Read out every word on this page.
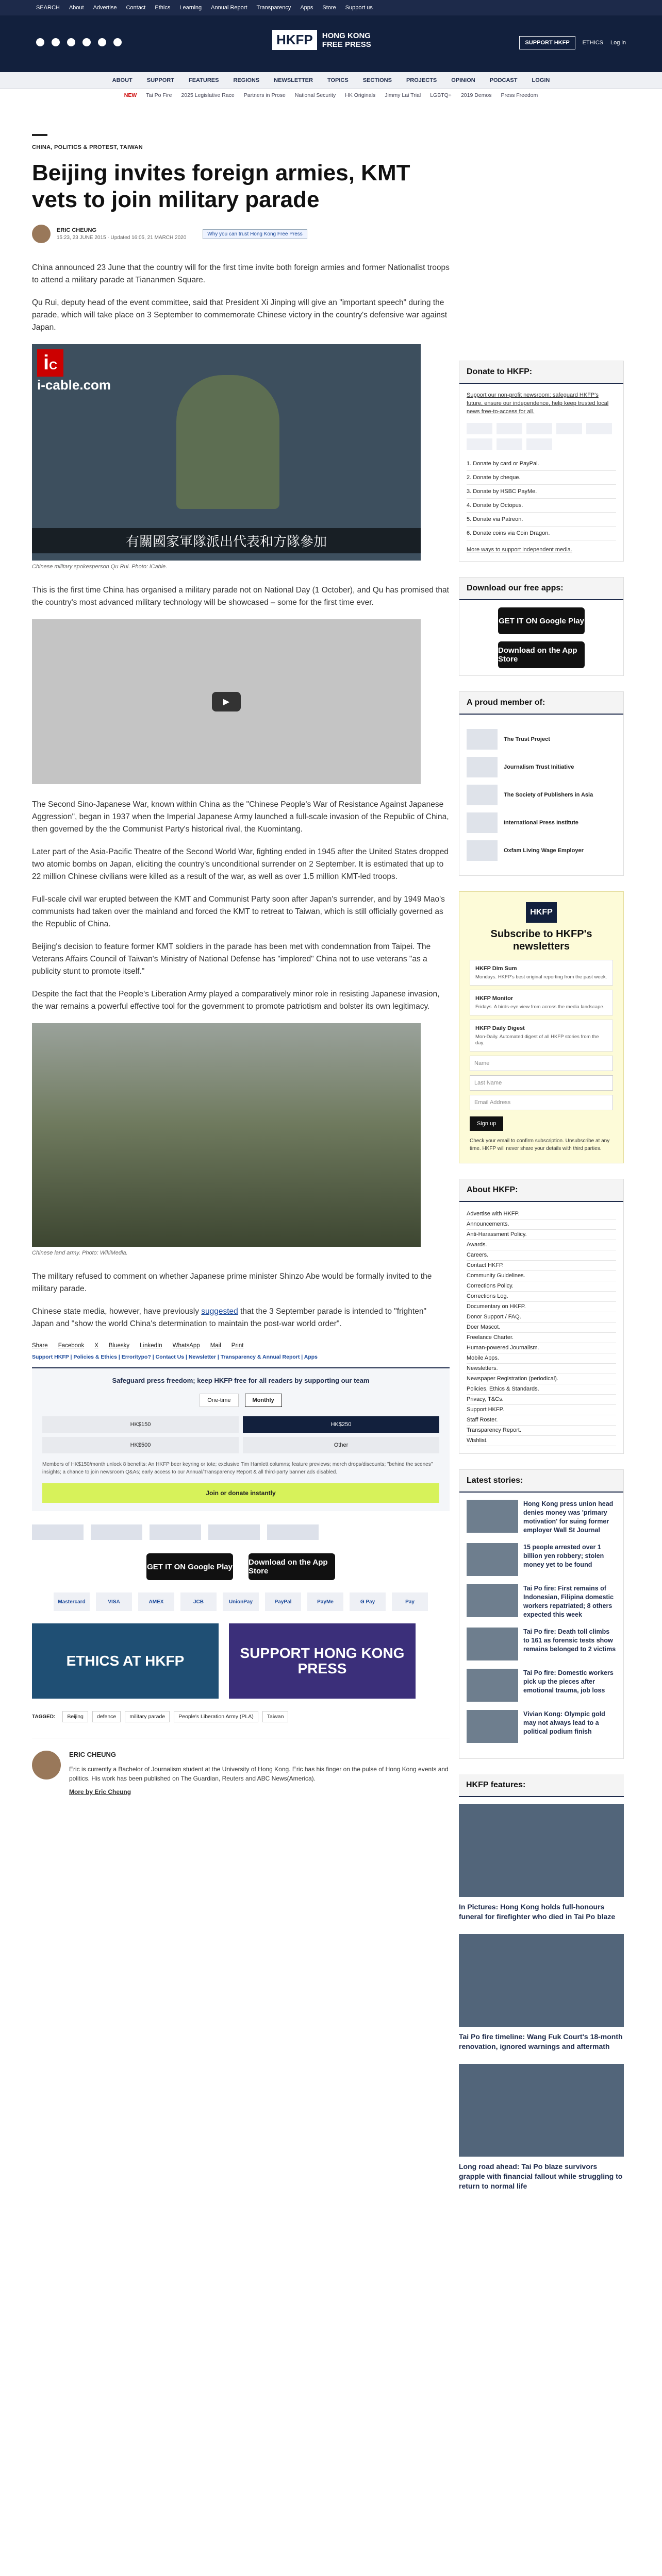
SEARCH About Advertise Contact Ethics Learning Annual Report Transparency Apps Store Support us
HKFP	HONG KONG
FREE PRESS	SUPPORT HKFP	ETHICS Log in
ABOUT	SUPPORT	FEATURES	REGIONS	NEWSLETTER	TOPICS	SECTIONS	PROJECTS	OPINION	PODCAST	LOGIN
NEW Tai Po Fire 2025 Legislative Race Partners in Prose National Security HK Originals Jimmy Lai Trial LGBTQ+ 2019 Demos Press Freedom
CHINA, POLITICS & PROTEST, TAIWAN
Beijing invites foreign armies, KMT vets to join military parade
ERIC CHEUNG
15:23, 23 JUNE 2015 · Updated 16:05, 21 MARCH 2020
Why you can trust Hong Kong Free Press

China announced 23 June that the country will for the first time invite both foreign armies and former Nationalist troops to attend a military parade at Tiananmen Square.

Qu Rui, deputy head of the event committee, said that President Xi Jinping will give an "important speech" during the parade, which will take place on 3 September to commemorate Chinese victory in the country's defensive war against Japan.

iC
i-cable.com
有關國家軍隊派出代表和方隊參加
Chinese military spokesperson Qu Rui. Photo: iCable.

This is the first time China has organised a military parade not on National Day (1 October), and Qu has promised that the country's most advanced military technology will be showcased – some for the first time ever.

▶

The Second Sino-Japanese War, known within China as the "Chinese People's War of Resistance Against Japanese Aggression", began in 1937 when the Imperial Japanese Army launched a full-scale invasion of the Republic of China, then governed by the the Communist Party's historical rival, the Kuomintang.

Later part of the Asia-Pacific Theatre of the Second World War, fighting ended in 1945 after the United States dropped two atomic bombs on Japan, eliciting the country's unconditional surrender on 2 September. It is estimated that up to 22 million Chinese civilians were killed as a result of the war, as well as over 1.5 million KMT-led troops.

Full-scale civil war erupted between the KMT and Communist Party soon after Japan's surrender, and by 1949 Mao's communists had taken over the mainland and forced the KMT to retreat to Taiwan, which is still officially governed as the Republic of China.

Beijing's decision to feature former KMT soldiers in the parade has been met with condemnation from Taipei. The Veterans Affairs Council of Taiwan's Ministry of National Defense has "implored" China not to use veterans "as a publicity stunt to promote itself."

Despite the fact that the People's Liberation Army played a comparatively minor role in resisting Japanese invasion, the war remains a powerful effective tool for the government to promote patriotism and bolster its own legitimacy.

Chinese land army. Photo: WikiMedia.

The military refused to comment on whether Japanese prime minister Shinzo Abe would be formally invited to the military parade.

Chinese state media, however, have previously suggested that the 3 September parade is intended to "frighten" Japan and "show the world China's determination to maintain the post-war world order".

Share Facebook X Bluesky LinkedIn WhatsApp Mail Print
Support HKFP | Policies & Ethics | Error/typo? | Contact Us | Newsletter | Transparency & Annual Report | Apps
Safeguard press freedom; keep HKFP free for all readers by supporting our team
One-time	Monthly
HK$150	HK$250
HK$500	Other
Members of HK$150/month unlock 8 benefits: An HKFP beer keyring or tote; exclusive Tim Hamlett columns; feature previews; merch drops/discounts; "behind the scenes" insights; a chance to join newsroom Q&As; early access to our Annual/Transparency Report & all third-party banner ads disabled.
Join or donate instantly
GET IT ON Google Play Download on the App Store
Mastercard	VISA	AMEX	JCB	UnionPay	PayPal	PayMe	G Pay	Pay
ETHICS AT HKFP	SUPPORT HONG KONG PRESS
TAGGED:	Beijing	defence	military parade	People's Liberation Army (PLA)	Taiwan
ERIC CHEUNG

Eric is currently a Bachelor of Journalism student at the University of Hong Kong. Eric has his finger on the pulse of Hong Kong events and politics. His work has been published on The Guardian, Reuters and ABC News(America).

More by Eric Cheung

Donate to HKFP:

Support our non-profit newsroom: safeguard HKFP's future, ensure our independence, help keep trusted local news free-to-access for all.

1. Donate by card or PayPal.
2. Donate by cheque.
3. Donate by HSBC PayMe.
4. Donate by Octopus.
5. Donate via Patreon.
6. Donate coins via Coin Dragon.

More ways to support independent media.

Download our free apps:
GET IT ON Google Play
Download on the App Store
A proud member of:
The Trust Project
Journalism Trust Initiative
The Society of Publishers in Asia
International Press Institute
Oxfam Living Wage Employer
HKFP
Subscribe to HKFP's newsletters
HKFP Dim Sum
Mondays. HKFP's best original reporting from the past week.
HKFP Monitor
Fridays. A birds-eye view from across the media landscape.
HKFP Daily Digest
Mon-Daily. Automated digest of all HKFP stories from the day.
Name
Last Name
Email Address
Sign up
Check your email to confirm subscription. Unsubscribe at any time. HKFP will never share your details with third parties.
About HKFP:
Advertise with HKFP.
Announcements.
Anti-Harassment Policy.
Awards.
Careers.
Contact HKFP.
Community Guidelines.
Corrections Policy.
Corrections Log.
Documentary on HKFP.
Donor Support / FAQ.
Doer Mascot.
Freelance Charter.
Human-powered Journalism.
Mobile Apps.
Newsletters.
Newspaper Registration (periodical).
Policies, Ethics & Standards.
Privacy, T&Cs.
Support HKFP.
Staff Roster.
Transparency Report.
Wishlist.
Latest stories:
Hong Kong press union head denies money was 'primary motivation' for suing former employer Wall St Journal
15 people arrested over 1 billion yen robbery; stolen money yet to be found
Tai Po fire: First remains of Indonesian, Filipina domestic workers repatriated; 8 others expected this week
Tai Po fire: Death toll climbs to 161 as forensic tests show remains belonged to 2 victims
Tai Po fire: Domestic workers pick up the pieces after emotional trauma, job loss
Vivian Kong: Olympic gold may not always lead to a political podium finish
HKFP features:
In Pictures: Hong Kong holds full-honours funeral for firefighter who died in Tai Po blaze
Tai Po fire timeline: Wang Fuk Court's 18-month renovation, ignored warnings and aftermath
Long road ahead: Tai Po blaze survivors grapple with financial fallout while struggling to return to normal life
